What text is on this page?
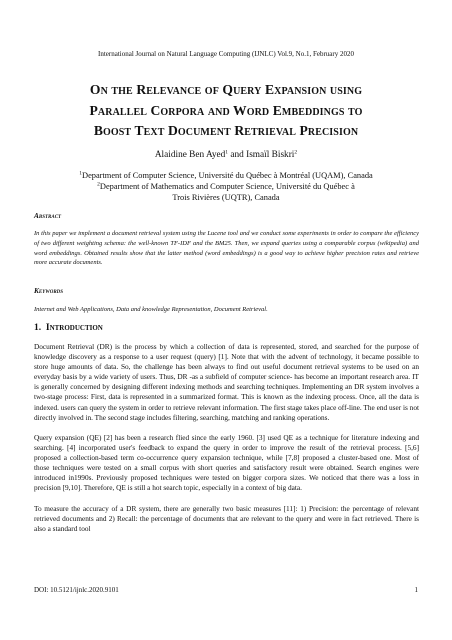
International Journal on Natural Language Computing (IJNLC) Vol.9, No.1, February 2020
On the Relevance of Query Expansion using
Parallel Corpora and Word Embeddings to
Boost Text Document Retrieval Precision
Alaidine Ben Ayed$^1$ and Ismaïl Biskri$^2$
$^1$Department of Computer Science, Université du Québec à Montréal (UQAM), Canada
$^2$Department of Mathematics and Computer Science, Université du Québec à
Trois Rivières (UQTR), Canada
Abstract
In this paper we implement a document retrieval system using the Lucene tool and we conduct some experiments in order to compare the efficiency of two different weighting schema: the well-known TF-IDF and the BM25. Then, we expand queries using a comparable corpus (wikipedia) and word embeddings. Obtained results show that the latter method (word embeddings) is a good way to achieve higher precision rates and retrieve more accurate documents.
Keywords
Internet and Web Applications, Data and knowledge Representation, Document Retrieval.
1. Introduction

Document Retrieval (DR) is the process by which a collection of data is represented, stored, and searched for the purpose of knowledge discovery as a response to a user request (query) [1]. Note that with the advent of technology, it became possible to store huge amounts of data. So, the challenge has been always to find out useful document retrieval systems to be used on an everyday basis by a wide variety of users. Thus, DR -as a subfield of computer science- has become an important research area. IT is generally concerned by designing different indexing methods and searching techniques. Implementing an DR system involves a two-stage process: First, data is represented in a summarized format. This is known as the indexing process. Once, all the data is indexed. users can query the system in order to retrieve relevant information. The first stage takes place off-line. The end user is not directly involved in. The second stage includes filtering, searching, matching and ranking operations.

Query expansion (QE) [2] has been a research flied since the early 1960. [3] used QE as a technique for literature indexing and searching. [4] incorporated user's feedback to expand the query in order to improve the result of the retrieval process. [5,6] proposed a collection-based term co-occurrence query expansion technique, while [7,8] proposed a cluster-based one. Most of those techniques were tested on a small corpus with short queries and satisfactory result were obtained. Search engines were introduced in1990s. Previously proposed techniques were tested on bigger corpora sizes. We noticed that there was a loss in precision [9,10]. Therefore, QE is still a hot search topic, especially in a context of big data.

To measure the accuracy of a DR system, there are generally two basic measures [11]: 1) Precision: the percentage of relevant retrieved documents and 2) Recall: the percentage of documents that are relevant to the query and were in fact retrieved. There is also a standard tool

DOI: 10.5121/ijnlc.2020.9101	1
